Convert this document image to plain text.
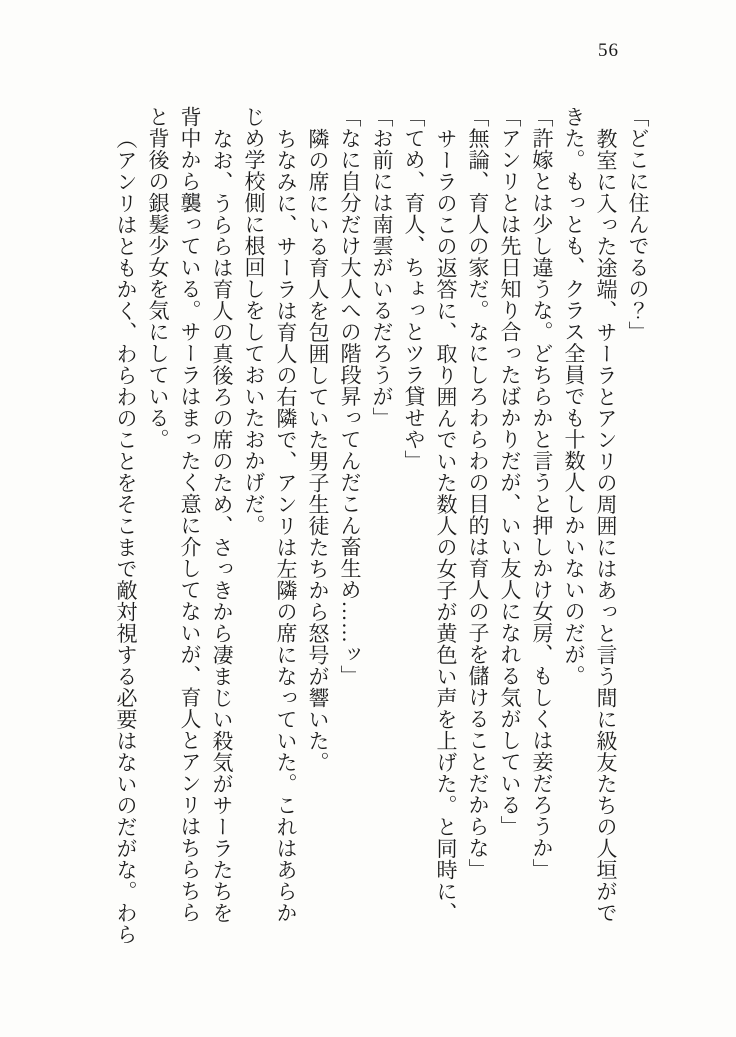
56
「どこに住んでるの？」
教室に入った途端、サーラとアンリの周囲にはあっと言う間に級友たちの人垣がで
きた。もっとも、クラス全員でも十数人しかいないのだが。
「許嫁とは少し違うな。どちらかと言うと押しかけ女房、もしくは妾だろうか」
「アンリとは先日知り合ったばかりだが、いい友人になれる気がしている」
「無論、育人の家だ。なにしろわらわの目的は育人の子を儲けることだからな」
サーラのこの返答に、取り囲んでいた数人の女子が黄色い声を上げた。と同時に、
「てめ、育人、ちょっとツラ貸せや」
「お前には南雲がいるだろうが」
「なに自分だけ大人への階段昇ってんだこん畜生め……ッ」
隣の席にいる育人を包囲していた男子生徒たちから怒号が響いた。
ちなみに、サーラは育人の右隣で、アンリは左隣の席になっていた。これはあらか
じめ学校側に根回しをしておいたおかげだ。
なお、うららは育人の真後ろの席のため、さっきから凄まじい殺気がサーラたちを
背中から襲っている。サーラはまったく意に介してないが、育人とアンリはちらちら
と背後の銀髪少女を気にしている。
（アンリはともかく、わらわのことをそこまで敵対視する必要はないのだがな。わら
